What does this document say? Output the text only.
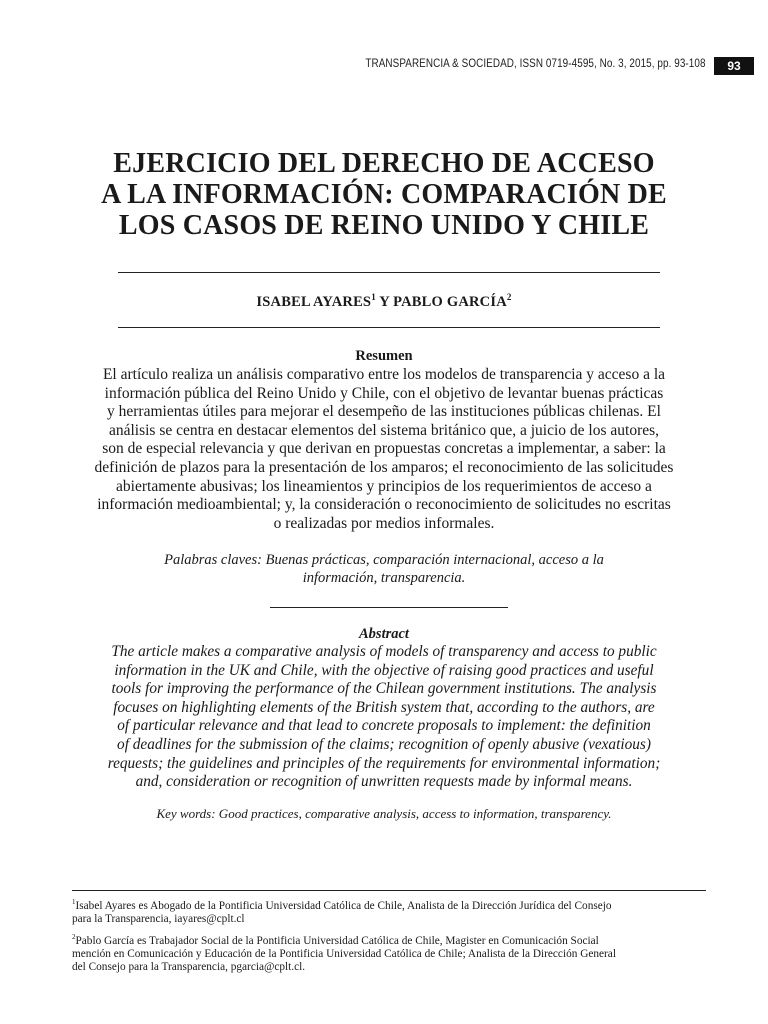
TRANSPARENCIA & SOCIEDAD, ISSN 0719-4595, No. 3, 2015, pp. 93-108	93
EJERCICIO DEL DERECHO DE ACCESO
A LA INFORMACIÓN: COMPARACIÓN DE
LOS CASOS DE REINO UNIDO Y CHILE
ISABEL AYARES$^1$ Y PABLO GARCÍA$^2$
Resumen
El artículo realiza un análisis comparativo entre los modelos de transparencia y acceso a la
información pública del Reino Unido y Chile, con el objetivo de levantar buenas prácticas
y herramientas útiles para mejorar el desempeño de las instituciones públicas chilenas. El
análisis se centra en destacar elementos del sistema británico que, a juicio de los autores,
son de especial relevancia y que derivan en propuestas concretas a implementar, a saber: la
definición de plazos para la presentación de los amparos; el reconocimiento de las solicitudes
abiertamente abusivas; los lineamientos y principios de los requerimientos de acceso a
información medioambiental; y, la consideración o reconocimiento de solicitudes no escritas
o realizadas por medios informales.
Palabras claves: Buenas prácticas, comparación internacional, acceso a la
información, transparencia.
Abstract
The article makes a comparative analysis of models of transparency and access to public
information in the UK and Chile, with the objective of raising good practices and useful
tools for improving the performance of the Chilean government institutions. The analysis
focuses on highlighting elements of the British system that, according to the authors, are
of particular relevance and that lead to concrete proposals to implement: the definition
of deadlines for the submission of the claims; recognition of openly abusive (vexatious)
requests; the guidelines and principles of the requirements for environmental information;
and, consideration or recognition of unwritten requests made by informal means.
Key words: Good practices, comparative analysis, access to information, transparency.
$^1$Isabel Ayares es Abogado de la Pontificia Universidad Católica de Chile, Analista de la Dirección Jurídica del Consejo
para la Transparencia, iayares@cplt.cl
$^2$Pablo García es Trabajador Social de la Pontificia Universidad Católica de Chile, Magister en Comunicación Social
mención en Comunicación y Educación de la Pontificia Universidad Católica de Chile; Analista de la Dirección General
del Consejo para la Transparencia, pgarcia@cplt.cl.
